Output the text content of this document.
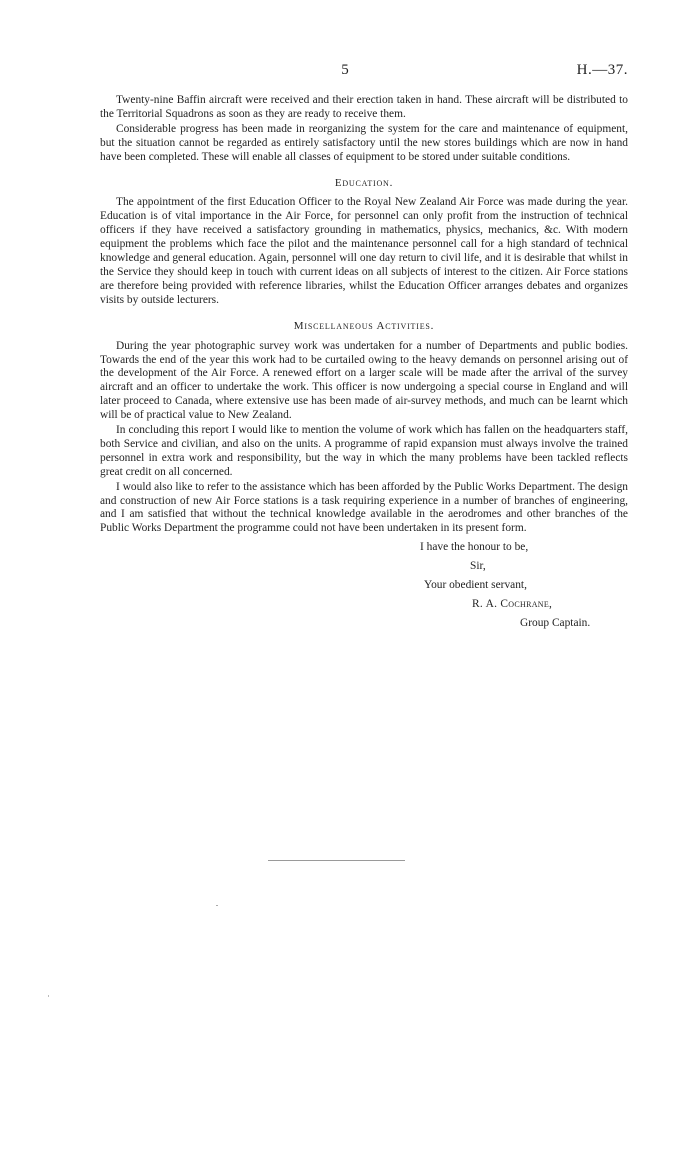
5	H.—37.

Twenty-nine Baffin aircraft were received and their erection taken in hand. These aircraft will be distributed to the Territorial Squadrons as soon as they are ready to receive them.

Considerable progress has been made in reorganizing the system for the care and maintenance of equipment, but the situation cannot be regarded as entirely satisfactory until the new stores buildings which are now in hand have been completed. These will enable all classes of equipment to be stored under suitable conditions.

Education.

The appointment of the first Education Officer to the Royal New Zealand Air Force was made during the year. Education is of vital importance in the Air Force, for personnel can only profit from the instruction of technical officers if they have received a satisfactory grounding in mathematics, physics, mechanics, &c. With modern equipment the problems which face the pilot and the maintenance personnel call for a high standard of technical knowledge and general education. Again, personnel will one day return to civil life, and it is desirable that whilst in the Service they should keep in touch with current ideas on all subjects of interest to the citizen. Air Force stations are therefore being provided with reference libraries, whilst the Education Officer arranges debates and organizes visits by outside lecturers.

Miscellaneous Activities.

During the year photographic survey work was undertaken for a number of Departments and public bodies. Towards the end of the year this work had to be curtailed owing to the heavy demands on personnel arising out of the development of the Air Force. A renewed effort on a larger scale will be made after the arrival of the survey aircraft and an officer to undertake the work. This officer is now undergoing a special course in England and will later proceed to Canada, where extensive use has been made of air-survey methods, and much can be learnt which will be of practical value to New Zealand.

In concluding this report I would like to mention the volume of work which has fallen on the headquarters staff, both Service and civilian, and also on the units. A programme of rapid expansion must always involve the trained personnel in extra work and responsibility, but the way in which the many problems have been tackled reflects great credit on all concerned.

I would also like to refer to the assistance which has been afforded by the Public Works Department. The design and construction of new Air Force stations is a task requiring experience in a number of branches of engineering, and I am satisfied that without the technical knowledge available in the aerodromes and other branches of the Public Works Department the programme could not have been undertaken in its present form.

I have the honour to be,
Sir,
Your obedient servant,
R. A. Cochrane,
Group Captain.
